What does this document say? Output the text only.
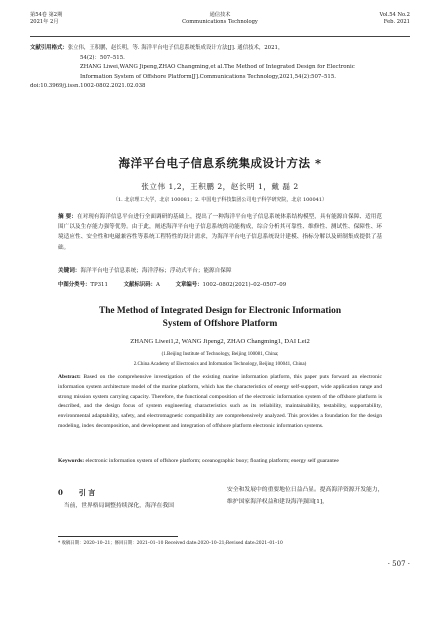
第54卷 第2期
2021年 2月
通信技术
Communications Technology
Vol.54 No.2
Feb. 2021
文献引用格式：张立伟，王积鹏，赵长明，等. 海洋平台电子信息系统集成设计方法[J]. 通信技术，2021，
54(2)：507–515.
ZHANG Liwei,WANG Jipeng,ZHAO Changming,et al.The Method of Integrated Design for Electronic
Information System of Offshore Platform[J].Communications Technology,2021,54(2):507–515.
doi:10.3969/j.issn.1002-0802.2021.02.038
海洋平台电子信息系统集成设计方法 *
张立伟 1,2，王积鹏 2，赵长明 1，戴 磊 2
（1. 北京理工大学，北京 100081；2. 中国电子科技集团公司电子科学研究院，北京 100041）
摘 要：在对现有海洋信息平台进行全面调研的基础上，提出了一种海洋平台电子信息系统体系结构模型，具有能源自保障、适用范围广以及生存能力强等优势。由于此，阐述海洋平台电子信息系统的功能构成，综合分析其可靠性、维修性、测试性、保障性、环境适应性、安全性和电磁兼容性等系统工程特性的设计需求，为海洋平台电子信息系统设计建模、指标分解以及研制集成提供了基础。
关键词：海洋平台电子信息系统；海洋浮标；浮动式平台；能源自保障
中图分类号：TP311	文献标识码：A	文章编号：1002–0802(2021)–02–0507–09
The Method of Integrated Design for Electronic Information
System of Offshore Platform
ZHANG Liwei1,2, WANG Jipeng2, ZHAO Changming1, DAI Lei2
(1.Beijing Institute of Technology, Beijing 100081, China;
2.China Academy of Electronics and Information Technology, Beijing 100041, China)
Abstract: Based on the comprehensive investigation of the existing marine information platform, this paper puts forward an electronic information system architecture model of the marine platform, which has the characteristics of energy self-support, wide application range and strong mission system carrying capacity. Therefore, the functional composition of the electronic information system of the offshore platform is described, and the design focus of system engineering characteristics such as its reliability, maintainability, testability, supportability, environmental adaptability, safety, and electromagnetic compatibility are comprehensively analyzed. This provides a foundation for the design modeling, index decomposition, and development and integration of offshore platform electronic information systems.
Keywords: electronic information system of offshore platform; oceanographic buoy; floating platform; energy self guarantee
0 引 言
当前，世界格局调整持续深化，海洋在我国
安全和发展中的重要地位日益凸显。提高海洋资源开发能力，维护国家海洋权益和建设海洋强国[1]，
* 收稿日期：2020–10–21；修回日期：2021–01–10 Received date:2020–10–21;Revised date:2021–01–10
· 507 ·
